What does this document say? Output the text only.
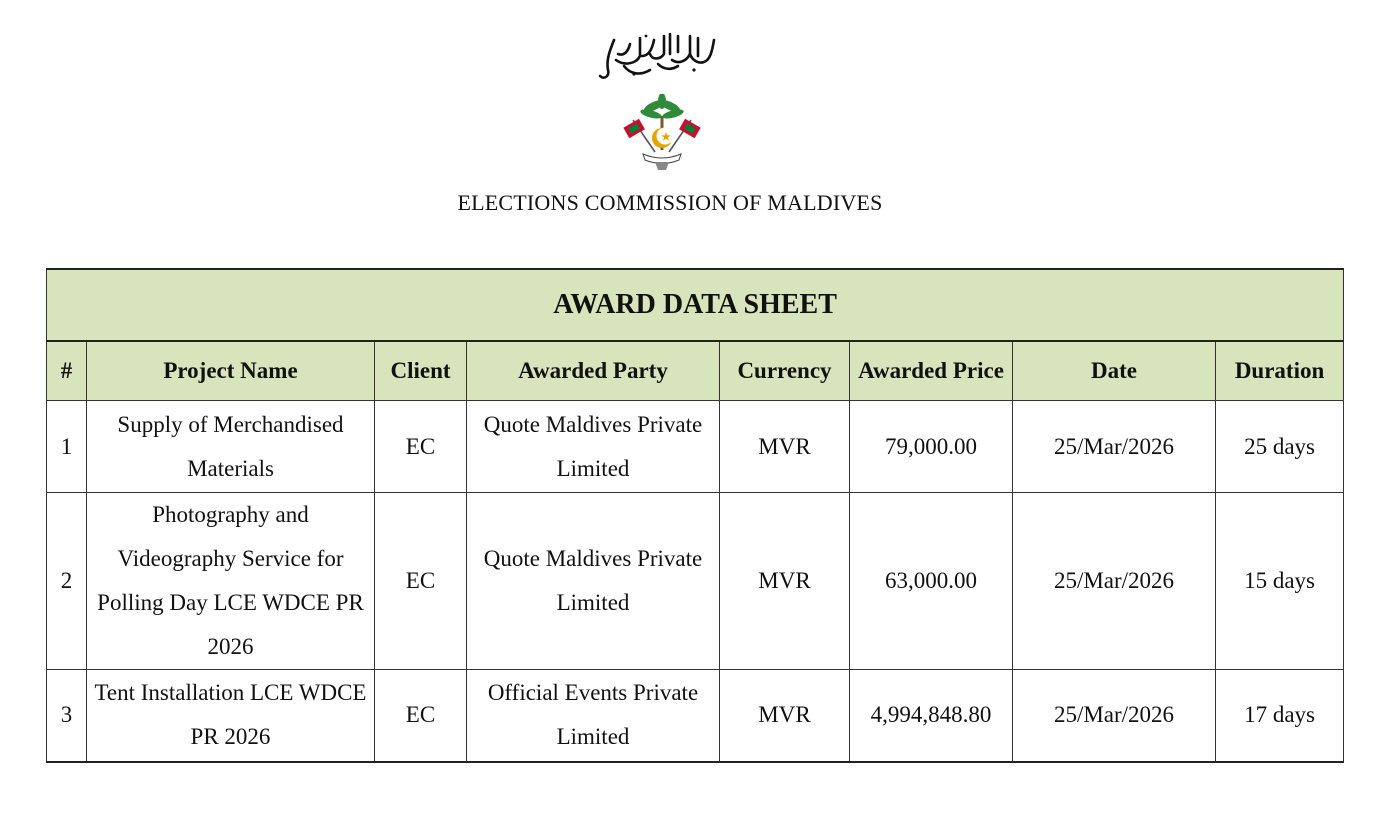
ELECTIONS COMMISSION OF MALDIVES
AWARD DATA SHEET							
#	Project Name	Client	Awarded Party	Currency	Awarded Price	Date	Duration
1	Supply of Merchandised Materials	EC	Quote Maldives Private Limited	MVR	79,000.00	25/Mar/2026	25 days
2	Photography and Videography Service for Polling Day LCE WDCE PR 2026	EC	Quote Maldives Private Limited	MVR	63,000.00	25/Mar/2026	15 days
3	Tent Installation LCE WDCE PR 2026	EC	Official Events Private Limited	MVR	4,994,848.80	25/Mar/2026	17 days
